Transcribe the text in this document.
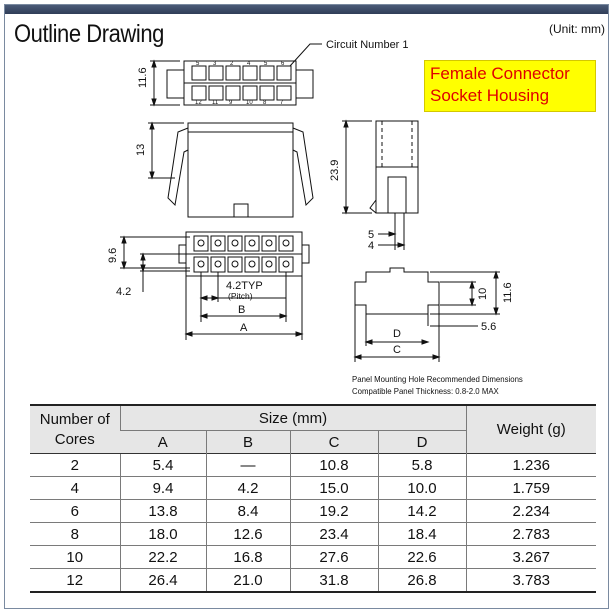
Outline Drawing	(Unit: mm)
Female Connector
Socket Housing
Circuit Number 1
11.6
13
23.9
9.6
4.2	4.2TYP
(Pitch)
B
A
5
4
10 11.6
5.6
D
C
5 3 2 4 5 6
12 11 9 10 8 7
Panel Mounting Hole Recommended Dimensions
Compatible Panel Thickness: 0.8-2.0 MAX
Number of Cores	Size (mm)				Weight (g)
	A	B	C	D	
2	5.4	—	10.8	5.8	1.236
4	9.4	4.2	15.0	10.0	1.759
6	13.8	8.4	19.2	14.2	2.234
8	18.0	12.6	23.4	18.4	2.783
10	22.2	16.8	27.6	22.6	3.267
12	26.4	21.0	31.8	26.8	3.783
